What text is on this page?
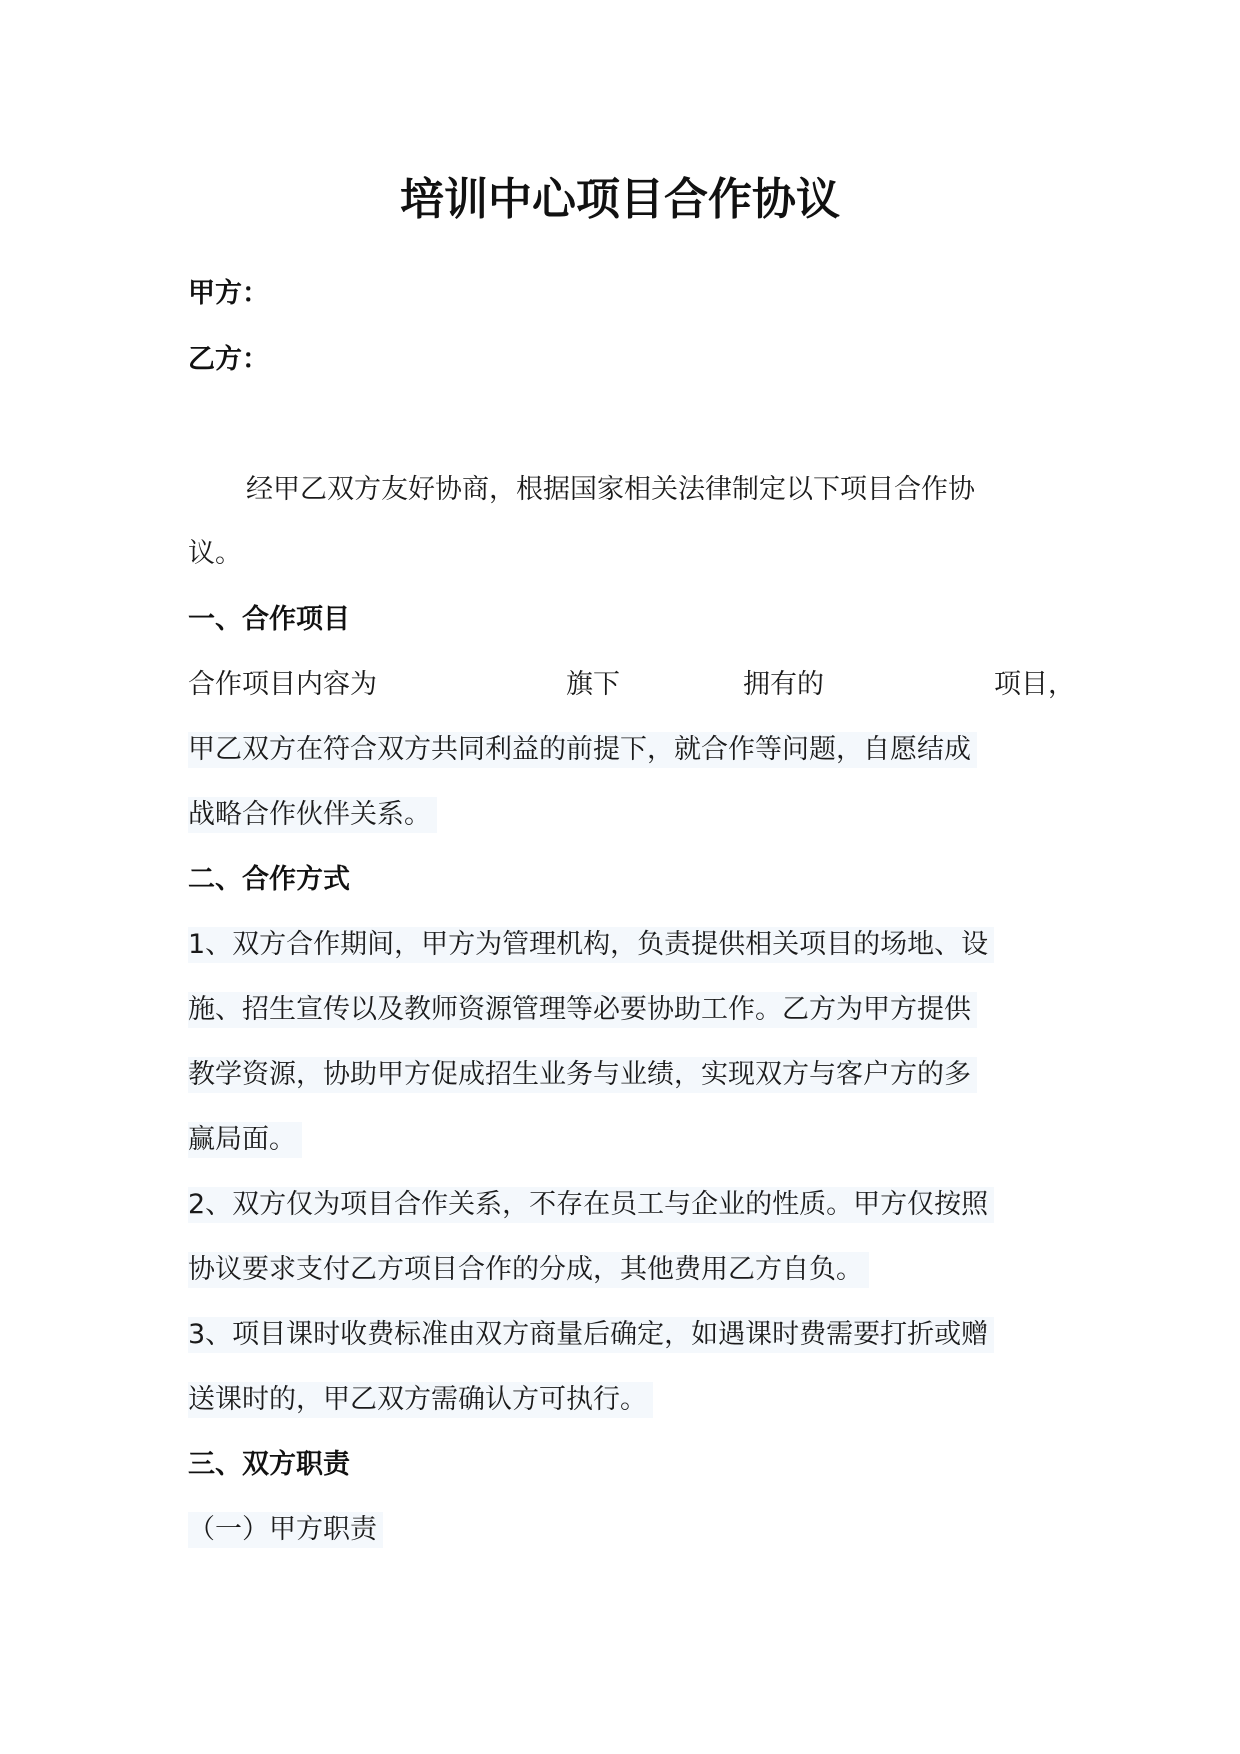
培训中心项目合作协议

甲方：

乙方：

经甲乙双方友好协商，根据国家相关法律制定以下项目合作协

议。

一、合作项目

合作项目内容为	旗下	拥有的	项目，

甲乙双方在符合双方共同利益的前提下，就合作等问题，自愿结成

战略合作伙伴关系。

二、合作方式

1、双方合作期间，甲方为管理机构，负责提供相关项目的场地、设

施、招生宣传以及教师资源管理等必要协助工作。乙方为甲方提供

教学资源，协助甲方促成招生业务与业绩，实现双方与客户方的多

赢局面。

2、双方仅为项目合作关系，不存在员工与企业的性质。甲方仅按照

协议要求支付乙方项目合作的分成，其他费用乙方自负。

3、项目课时收费标准由双方商量后确定，如遇课时费需要打折或赠

送课时的，甲乙双方需确认方可执行。

三、双方职责

（一）甲方职责
